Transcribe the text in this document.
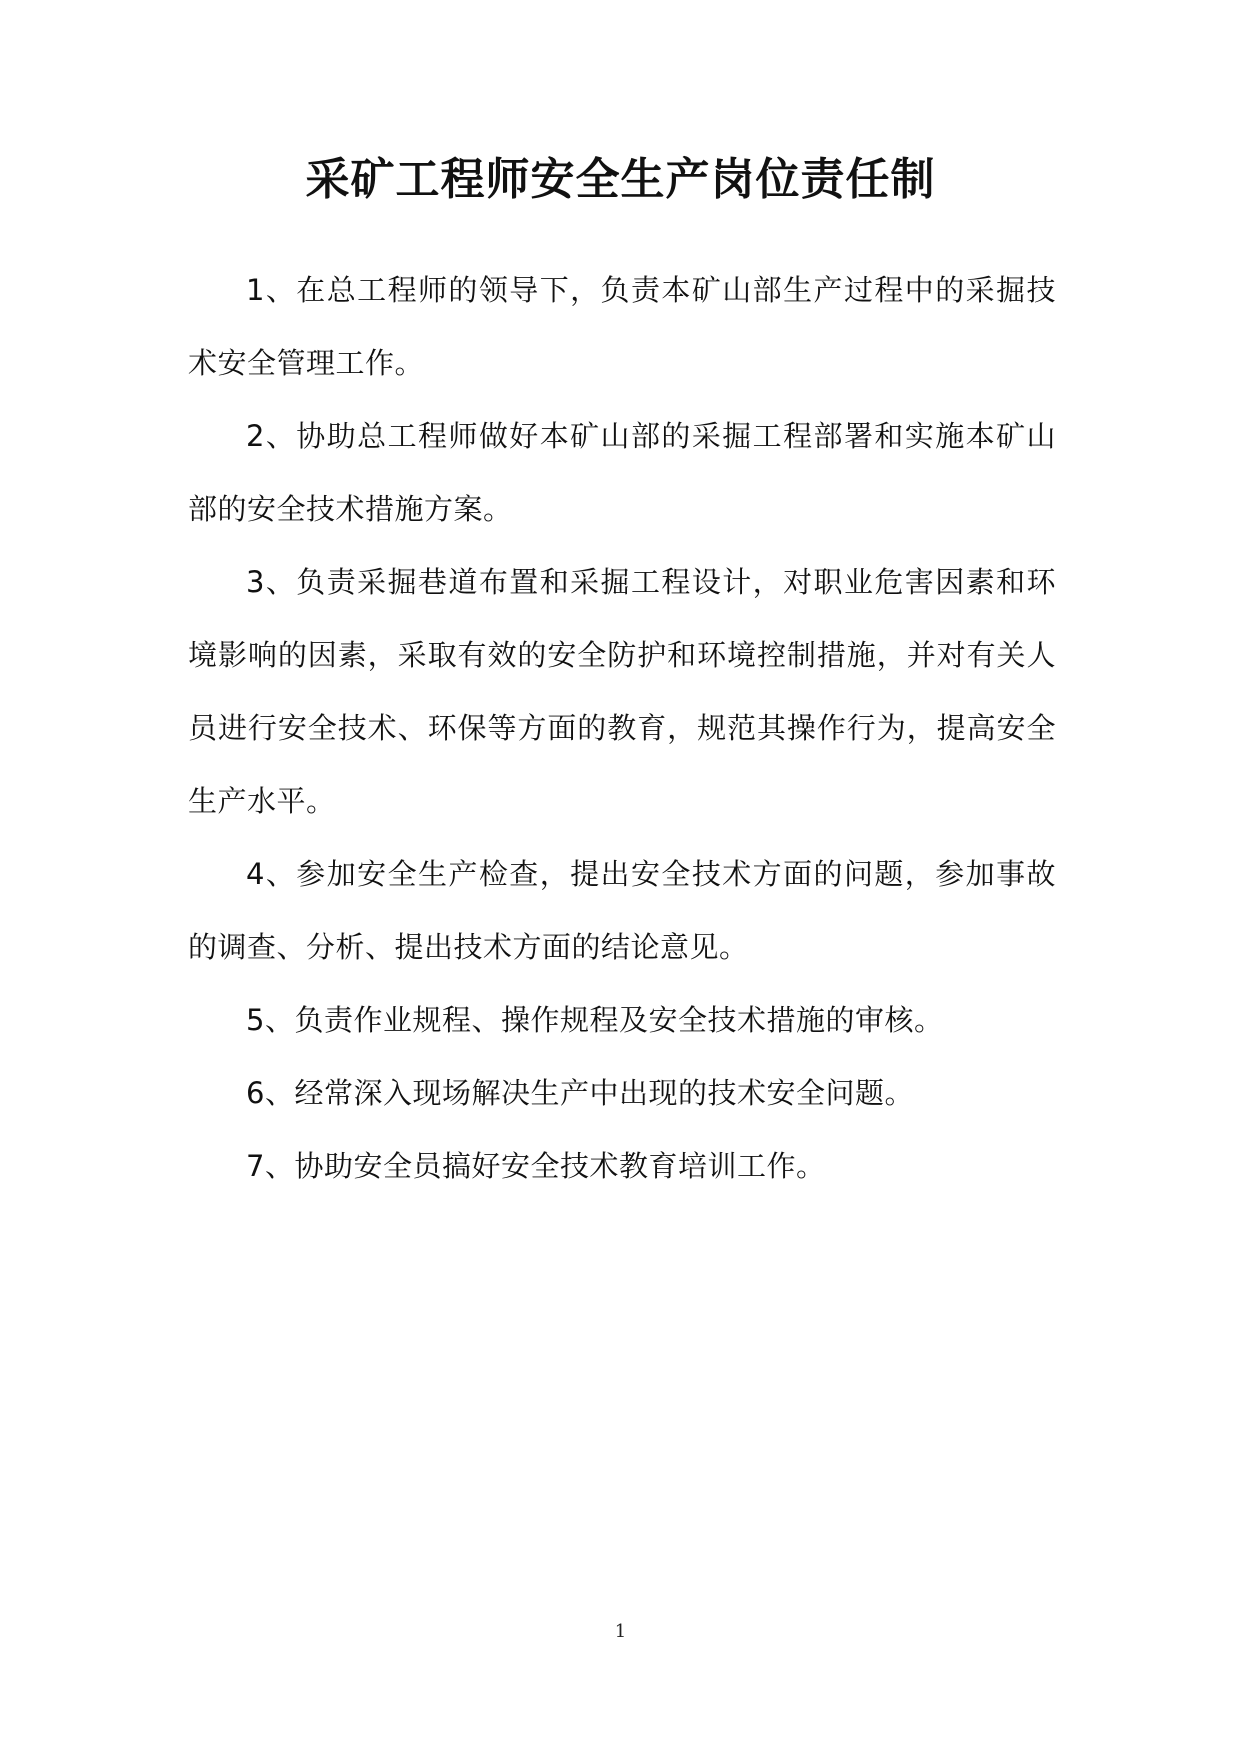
采矿工程师安全生产岗位责任制

1、在总工程师的领导下，负责本矿山部生产过程中的采掘技术安全管理工作。

2、协助总工程师做好本矿山部的采掘工程部署和实施本矿山部的安全技术措施方案。

3、负责采掘巷道布置和采掘工程设计，对职业危害因素和环境影响的因素，采取有效的安全防护和环境控制措施，并对有关人员进行安全技术、环保等方面的教育，规范其操作行为，提高安全生产水平。

4、参加安全生产检查，提出安全技术方面的问题，参加事故的调查、分析、提出技术方面的结论意见。

5、负责作业规程、操作规程及安全技术措施的审核。

6、经常深入现场解决生产中出现的技术安全问题。

7、协助安全员搞好安全技术教育培训工作。

1
